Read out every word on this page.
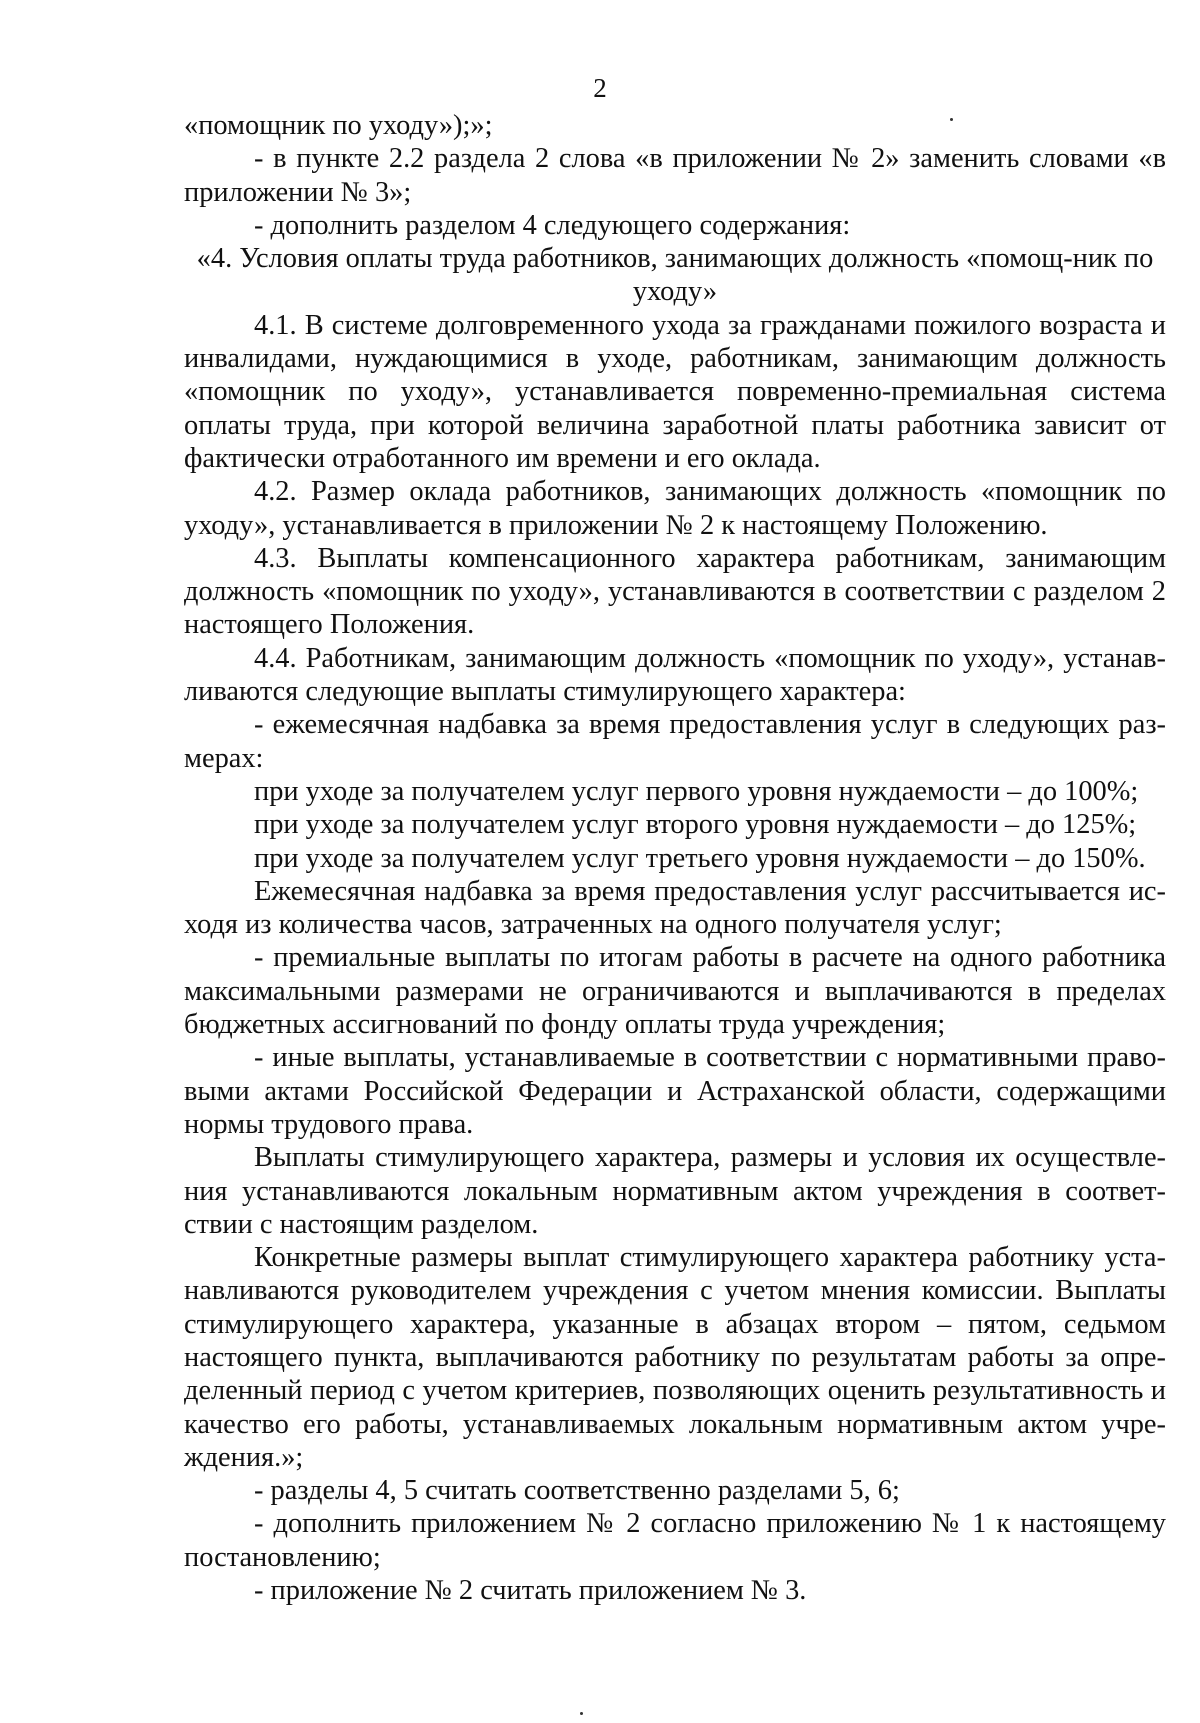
2

«помощник по уходу»);»;

- в пункте 2.2 раздела 2 слова «в приложении № 2» заменить словами «в приложении № 3»;

- дополнить разделом 4 следующего содержания:

«4. Условия оплаты труда работников, занимающих должность «помощ-ник по уходу»

4.1. В системе долговременного ухода за гражданами пожилого возраста и инвалидами, нуждающимися в уходе, работникам, занимающим должность «помощник по уходу», устанавливается повременно-премиальная система оплаты труда, при которой величина заработной платы работника зависит от фактически отработанного им времени и его оклада.

4.2. Размер оклада работников, занимающих должность «помощник по уходу», устанавливается в приложении № 2 к настоящему Положению.

4.3. Выплаты компенсационного характера работникам, занимающим должность «помощник по уходу», устанавливаются в соответствии с разделом 2 настоящего Положения.

4.4. Работникам, занимающим должность «помощник по уходу», устанав-ливаются следующие выплаты стимулирующего характера:

- ежемесячная надбавка за время предоставления услуг в следующих раз-мерах:

при уходе за получателем услуг первого уровня нуждаемости – до 100%;

при уходе за получателем услуг второго уровня нуждаемости – до 125%;

при уходе за получателем услуг третьего уровня нуждаемости – до 150%.

Ежемесячная надбавка за время предоставления услуг рассчитывается ис-ходя из количества часов, затраченных на одного получателя услуг;

- премиальные выплаты по итогам работы в расчете на одного работника максимальными размерами не ограничиваются и выплачиваются в пределах бюджетных ассигнований по фонду оплаты труда учреждения;

- иные выплаты, устанавливаемые в соответствии с нормативными право-выми актами Российской Федерации и Астраханской области, содержащими нормы трудового права.

Выплаты стимулирующего характера, размеры и условия их осуществле-ния устанавливаются локальным нормативным актом учреждения в соответ-ствии с настоящим разделом.

Конкретные размеры выплат стимулирующего характера работнику уста-навливаются руководителем учреждения с учетом мнения комиссии. Выплаты стимулирующего характера, указанные в абзацах втором – пятом, седьмом настоящего пункта, выплачиваются работнику по результатам работы за опре-деленный период с учетом критериев, позволяющих оценить результативность и качество его работы, устанавливаемых локальным нормативным актом учре-ждения.»;

- разделы 4, 5 считать соответственно разделами 5, 6;

- дополнить приложением № 2 согласно приложению № 1 к настоящему постановлению;

- приложение № 2 считать приложением № 3.
